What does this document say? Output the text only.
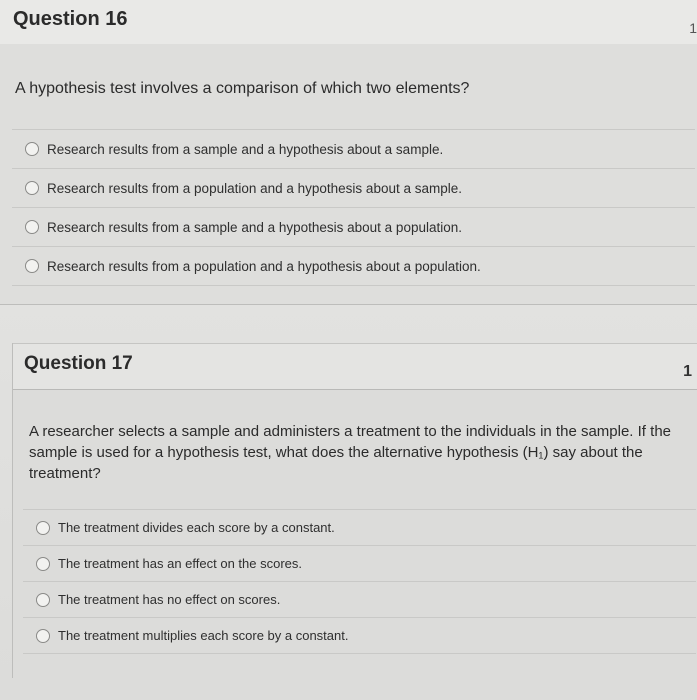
Question 16	1
A hypothesis test involves a comparison of which two elements?
Research results from a sample and a hypothesis about a sample.
Research results from a population and a hypothesis about a sample.
Research results from a sample and a hypothesis about a population.
Research results from a population and a hypothesis about a population.
Question 17	1
A researcher selects a sample and administers a treatment to the individuals in the sample. If the sample is used for a hypothesis test, what does the alternative hypothesis (H₁) say about the treatment?
The treatment divides each score by a constant.
The treatment has an effect on the scores.
The treatment has no effect on scores.
The treatment multiplies each score by a constant.
